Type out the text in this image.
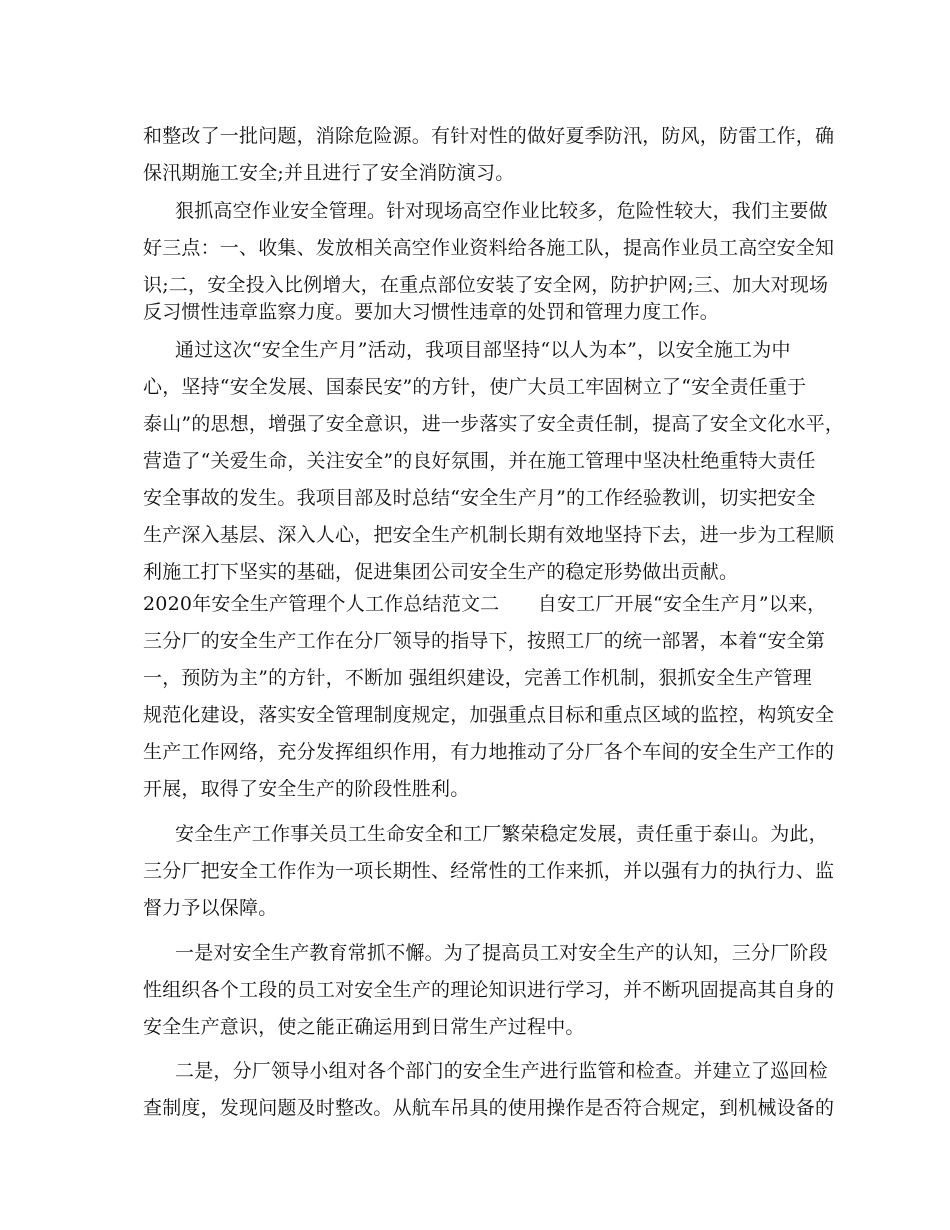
和整改了一批问题，消除危险源。有针对性的做好夏季防汛，防风，防雷工作，确
保汛期施工安全;并且进行了安全消防演习。
狠抓高空作业安全管理。针对现场高空作业比较多，危险性较大，我们主要做
好三点：一、收集、发放相关高空作业资料给各施工队，提高作业员工高空安全知
识;二，安全投入比例增大，在重点部位安装了安全网，防护护网;三、加大对现场
反习惯性违章监察力度。要加大习惯性违章的处罚和管理力度工作。
通过这次“安全生产月”活动，我项目部坚持“以人为本”，以安全施工为中
心，坚持“安全发展、国泰民安”的方针，使广大员工牢固树立了“安全责任重于
泰山”的思想，增强了安全意识，进一步落实了安全责任制，提高了安全文化水平，
营造了“关爱生命，关注安全”的良好氛围，并在施工管理中坚决杜绝重特大责任
安全事故的发生。我项目部及时总结“安全生产月”的工作经验教训，切实把安全
生产深入基层、深入人心，把安全生产机制长期有效地坚持下去，进一步为工程顺
利施工打下坚实的基础，促进集团公司安全生产的稳定形势做出贡献。
2020年安全生产管理个人工作总结范文二　　自安工厂开展“安全生产月”以来，
三分厂的安全生产工作在分厂领导的指导下，按照工厂的统一部署，本着“安全第
一，预防为主”的方针，不断加 强组织建设，完善工作机制，狠抓安全生产管理
规范化建设，落实安全管理制度规定，加强重点目标和重点区域的监控，构筑安全
生产工作网络，充分发挥组织作用，有力地推动了分厂各个车间的安全生产工作的
开展，取得了安全生产的阶段性胜利。
安全生产工作事关员工生命安全和工厂繁荣稳定发展，责任重于泰山。为此，
三分厂把安全工作作为一项长期性、经常性的工作来抓，并以强有力的执行力、监
督力予以保障。
一是对安全生产教育常抓不懈。为了提高员工对安全生产的认知，三分厂阶段
性组织各个工段的员工对安全生产的理论知识进行学习，并不断巩固提高其自身的
安全生产意识，使之能正确运用到日常生产过程中。
二是，分厂领导小组对各个部门的安全生产进行监管和检查。并建立了巡回检
查制度，发现问题及时整改。从航车吊具的使用操作是否符合规定，到机械设备的
